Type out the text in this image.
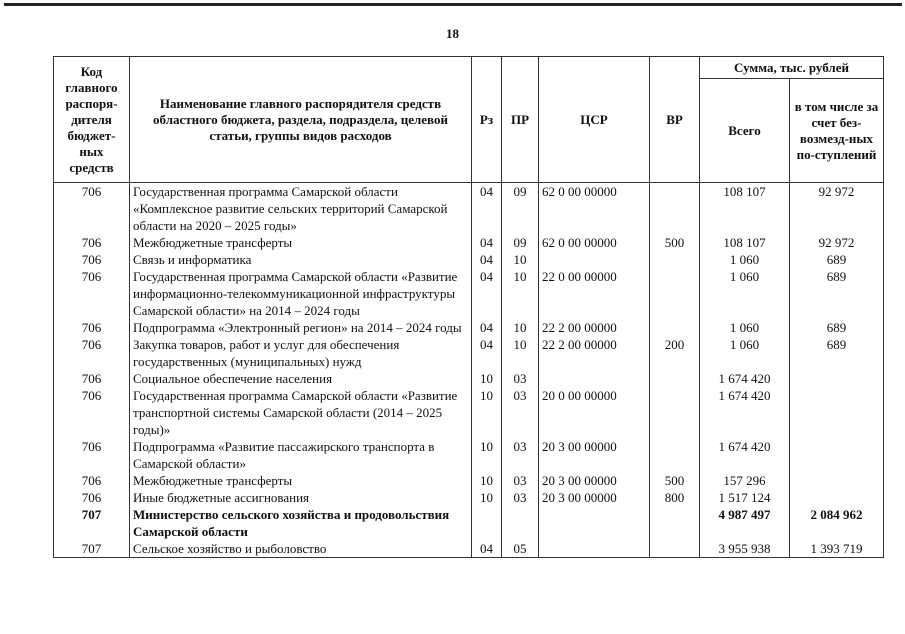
18
Код главного распоря-дителя бюджет-ных средств	Наименование главного распорядителя средств областного бюджета, раздела, подраздела, целевой статьи, группы видов расходов	Рз	ПР	ЦСР	ВР	Сумма, тыс. рублей	
						Всего	в том числе за счет без-возмезд-ных по-ступлений
706	Государственная программа Самарской области «Комплексное развитие сельских территорий Самарской области на 2020 – 2025 годы»	04	09	62 0 00 00000		108 107	92 972
706	Межбюджетные трансферты	04	09	62 0 00 00000	500	108 107	92 972
706	Связь и информатика	04	10			1 060	689
706	Государственная программа Самарской области «Развитие информационно-телекоммуникационной инфраструктуры Самарской области» на 2014 – 2024 годы	04	10	22 0 00 00000		1 060	689
706	Подпрограмма «Электронный регион» на 2014 – 2024 годы	04	10	22 2 00 00000		1 060	689
706	Закупка товаров, работ и услуг для обеспечения государственных (муниципальных) нужд	04	10	22 2 00 00000	200	1 060	689
706	Социальное обеспечение населения	10	03			1 674 420	
706	Государственная программа Самарской области «Развитие транспортной системы Самарской области (2014 – 2025 годы)»	10	03	20 0 00 00000		1 674 420	
706	Подпрограмма «Развитие пассажирского транспорта в Самарской области»	10	03	20 3 00 00000		1 674 420	
706	Межбюджетные трансферты	10	03	20 3 00 00000	500	157 296	
706	Иные бюджетные ассигнования	10	03	20 3 00 00000	800	1 517 124	
707	Министерство сельского хозяйства и продовольствия Самарской области					4 987 497	2 084 962
707	Сельское хозяйство и рыболовство	04	05			3 955 938	1 393 719
